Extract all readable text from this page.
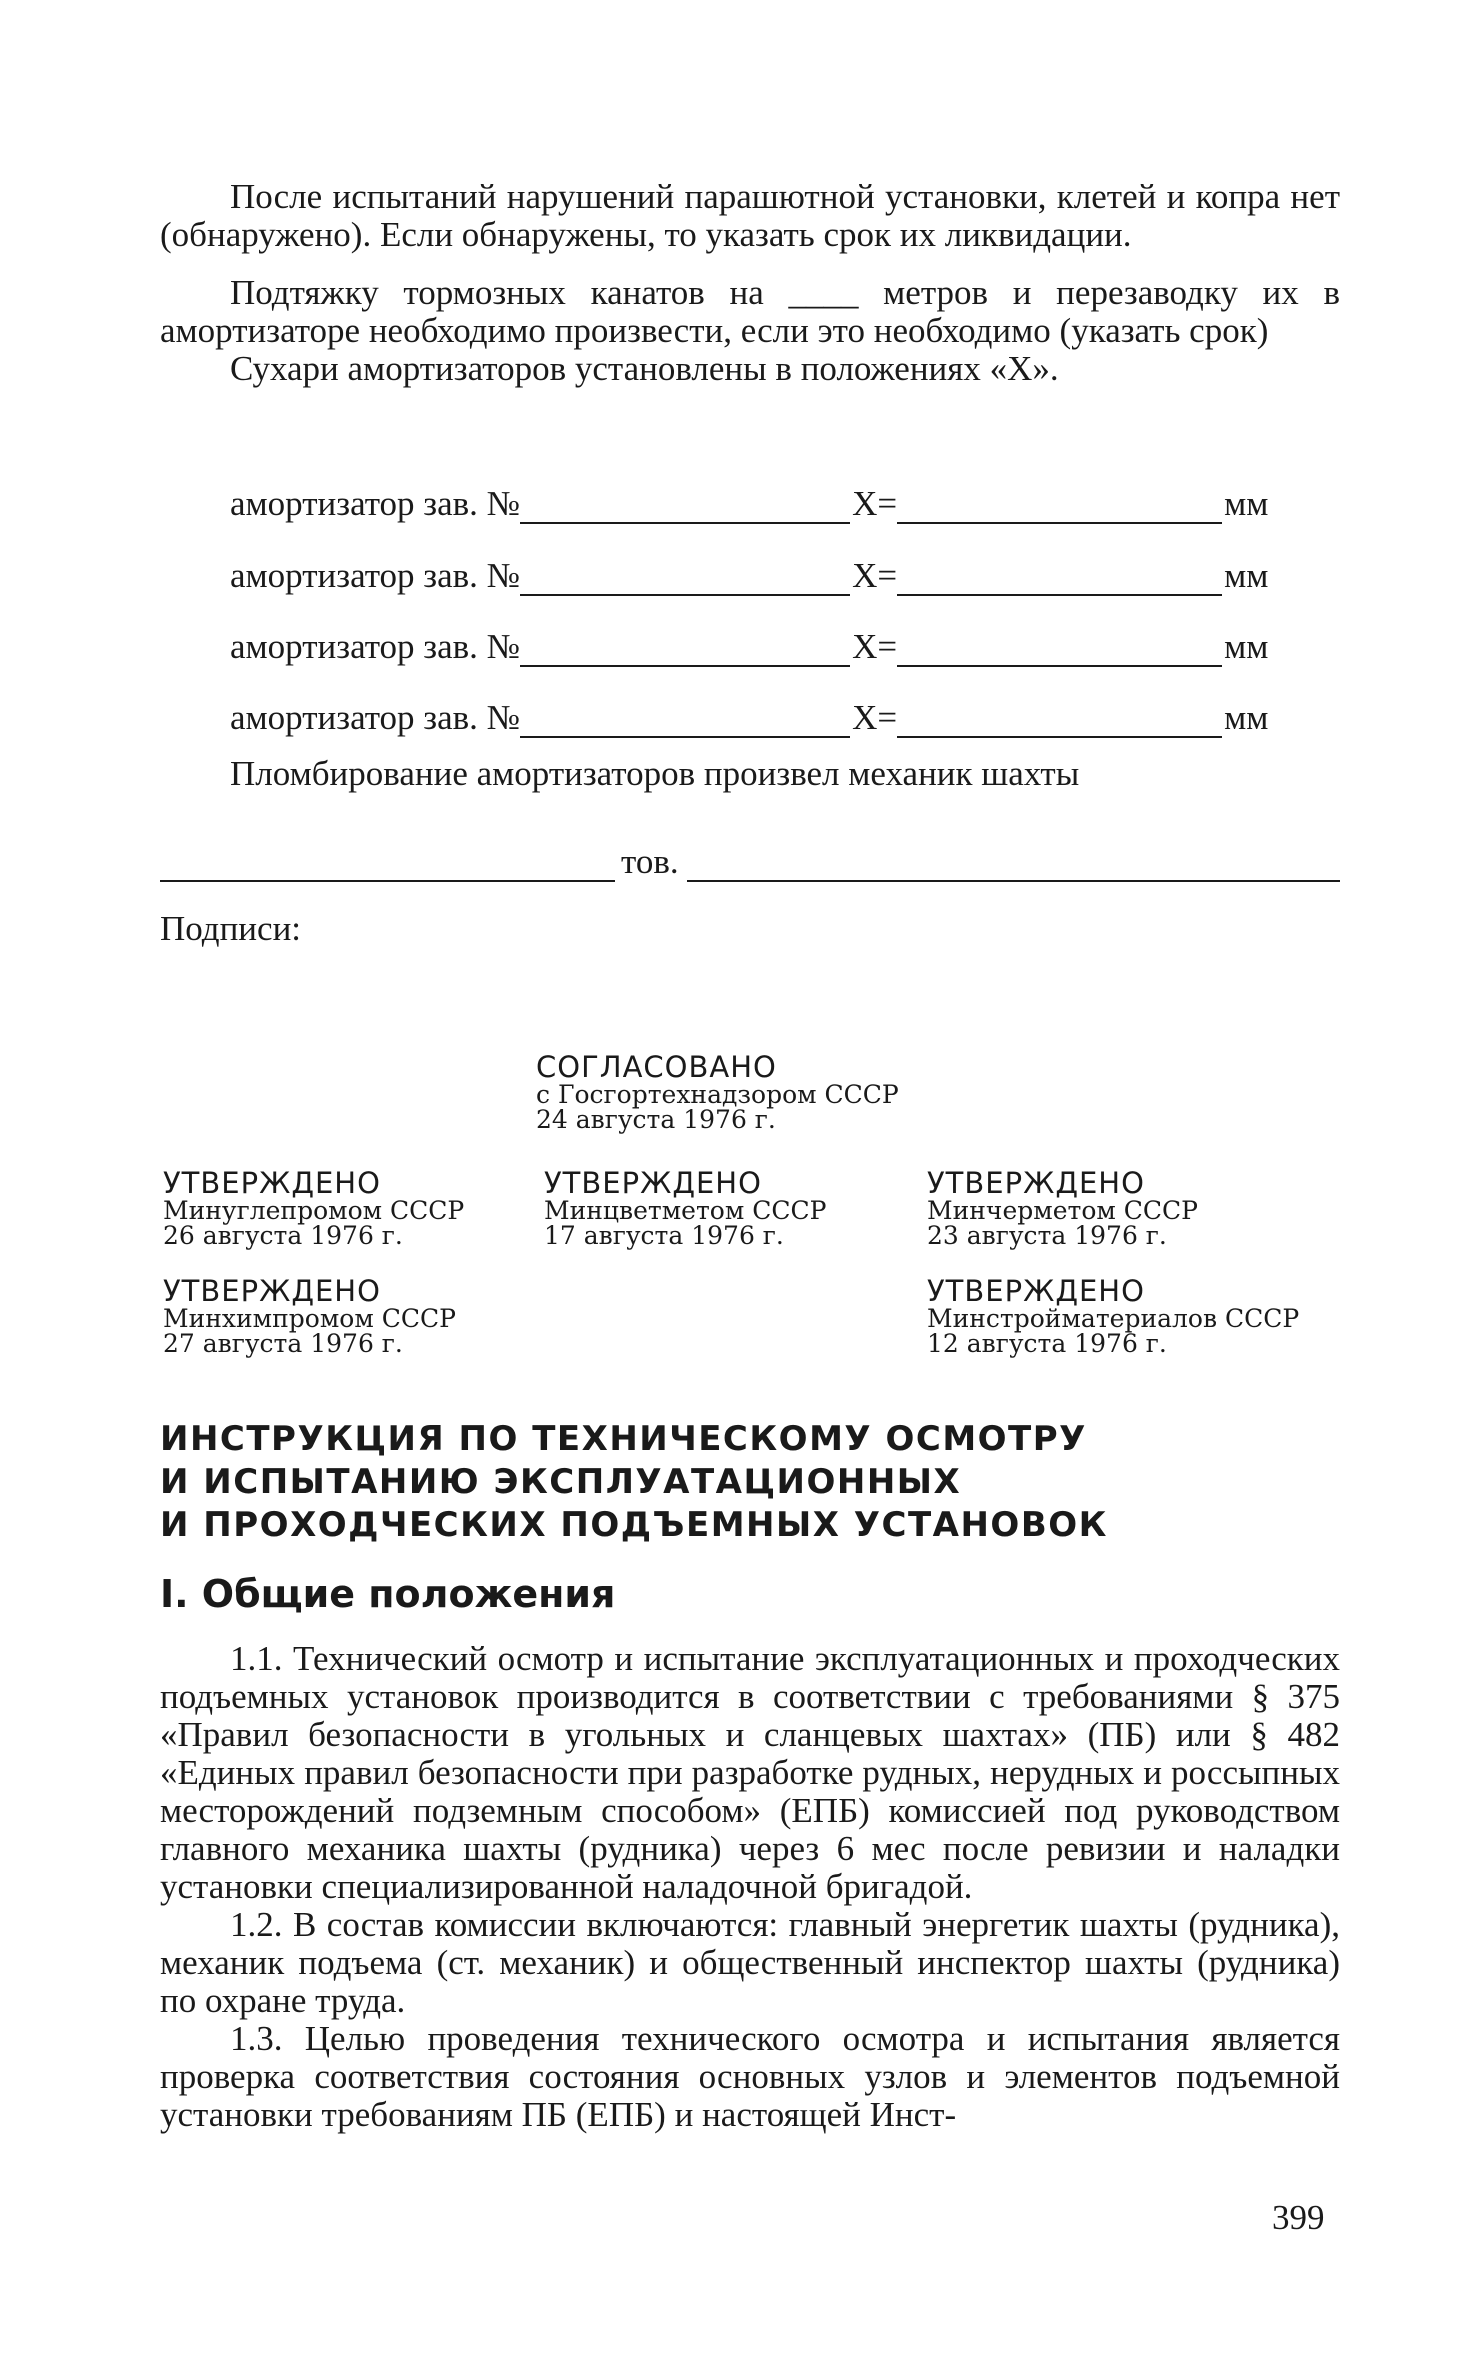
После испытаний нарушений парашютной установки, клетей и копра нет (обнаружено). Если обнаружены, то указать срок их ликвидации.

Подтяжку тормозных канатов на ____ метров и перезаводку их в амортизаторе необходимо произвести, если это необходимо (указать срок)

Сухари амортизаторов установлены в положениях «Х».

амортизатор зав. №	Х=	мм
амортизатор зав. №	Х=	мм
амортизатор зав. №	Х=	мм
амортизатор зав. №	Х=	мм
Пломбирование амортизаторов произвел механик шахты
тов.
Подписи:
СОГЛАСОВАНО
с Госгортехнадзором СССР
24 августа 1976 г.
УТВЕРЖДЕНО
Минуглепромом СССР
26 августа 1976 г.
УТВЕРЖДЕНО
Минцветметом СССР
17 августа 1976 г.
УТВЕРЖДЕНО
Минчерметом СССР
23 августа 1976 г.
УТВЕРЖДЕНО
Минхимпромом СССР
27 августа 1976 г.
УТВЕРЖДЕНО
Минстройматериалов СССР
12 августа 1976 г.
ИНСТРУКЦИЯ ПО ТЕХНИЧЕСКОМУ ОСМОТРУ
И ИСПЫТАНИЮ ЭКСПЛУАТАЦИОННЫХ
И ПРОХОДЧЕСКИХ ПОДЪЕМНЫХ УСТАНОВОК
I. Общие положения

1.1. Технический осмотр и испытание эксплуатационных и проходческих подъемных установок производится в соответствии с требованиями § 375 «Правил безопасности в угольных и сланцевых шахтах» (ПБ) или § 482 «Единых правил безопасности при разработке рудных, нерудных и россыпных месторождений подземным способом» (ЕПБ) комиссией под руководством главного механика шахты (рудника) через 6 мес после ревизии и наладки установки специализированной наладочной бригадой.

1.2. В состав комиссии включаются: главный энергетик шахты (рудника), механик подъема (ст. механик) и общественный инспектор шахты (рудника) по охране труда.

1.3. Целью проведения технического осмотра и испытания является проверка соответствия состояния основных узлов и элементов подъемной установки требованиям ПБ (ЕПБ) и настоящей Инст-

399
